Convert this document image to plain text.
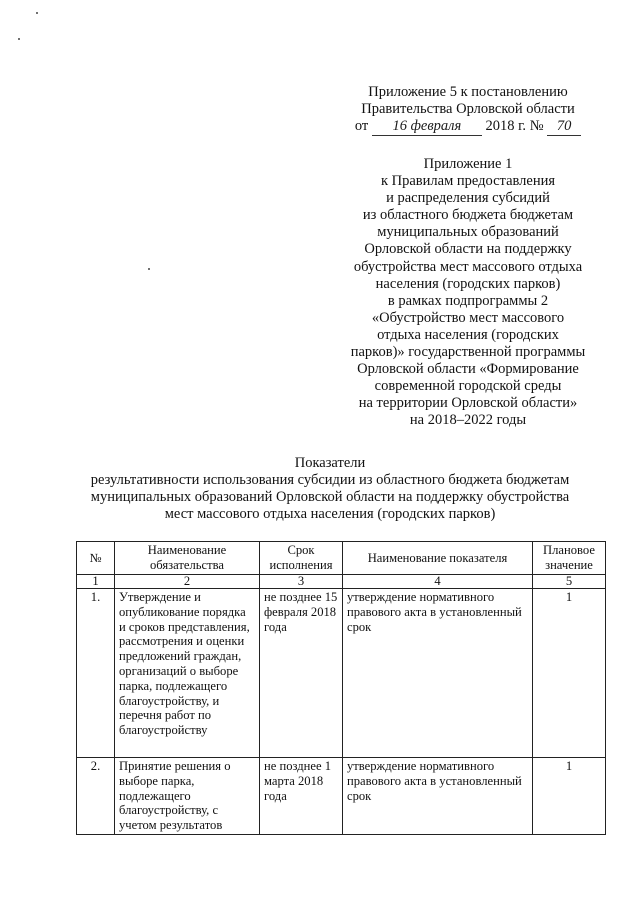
Приложение 5 к постановлению
Правительства Орловской области
от 16 февраля 2018 г. № 70
Приложение 1
к Правилам предоставления
и распределения субсидий
из областного бюджета бюджетам
муниципальных образований
Орловской области на поддержку
обустройства мест массового отдыха
населения (городских парков)
в рамках подпрограммы 2
«Обустройство мест массового
отдыха населения (городских
парков)» государственной программы
Орловской области «Формирование
современной городской среды
на территории Орловской области»
на 2018–2022 годы
Показатели
результативности использования субсидии из областного бюджета бюджетам
муниципальных образований Орловской области на поддержку обустройства
мест массового отдыха населения (городских парков)
№	Наименование обязательства	Срок исполнения	Наименование показателя	Плановое значение
1	2	3	4	5
1.	Утверждение и опубликование порядка и сроков представления, рассмотрения и оценки предложений граждан, организаций о выборе парка, подлежащего благоустройству, и перечня работ по благоустройству	не позднее 15 февраля 2018 года	утверждение нормативного правового акта в установленный срок	1
2.	Принятие решения о выборе парка, подлежащего благоустройству, с учетом результатов	не позднее 1 марта 2018 года	утверждение нормативного правового акта в установленный срок	1
